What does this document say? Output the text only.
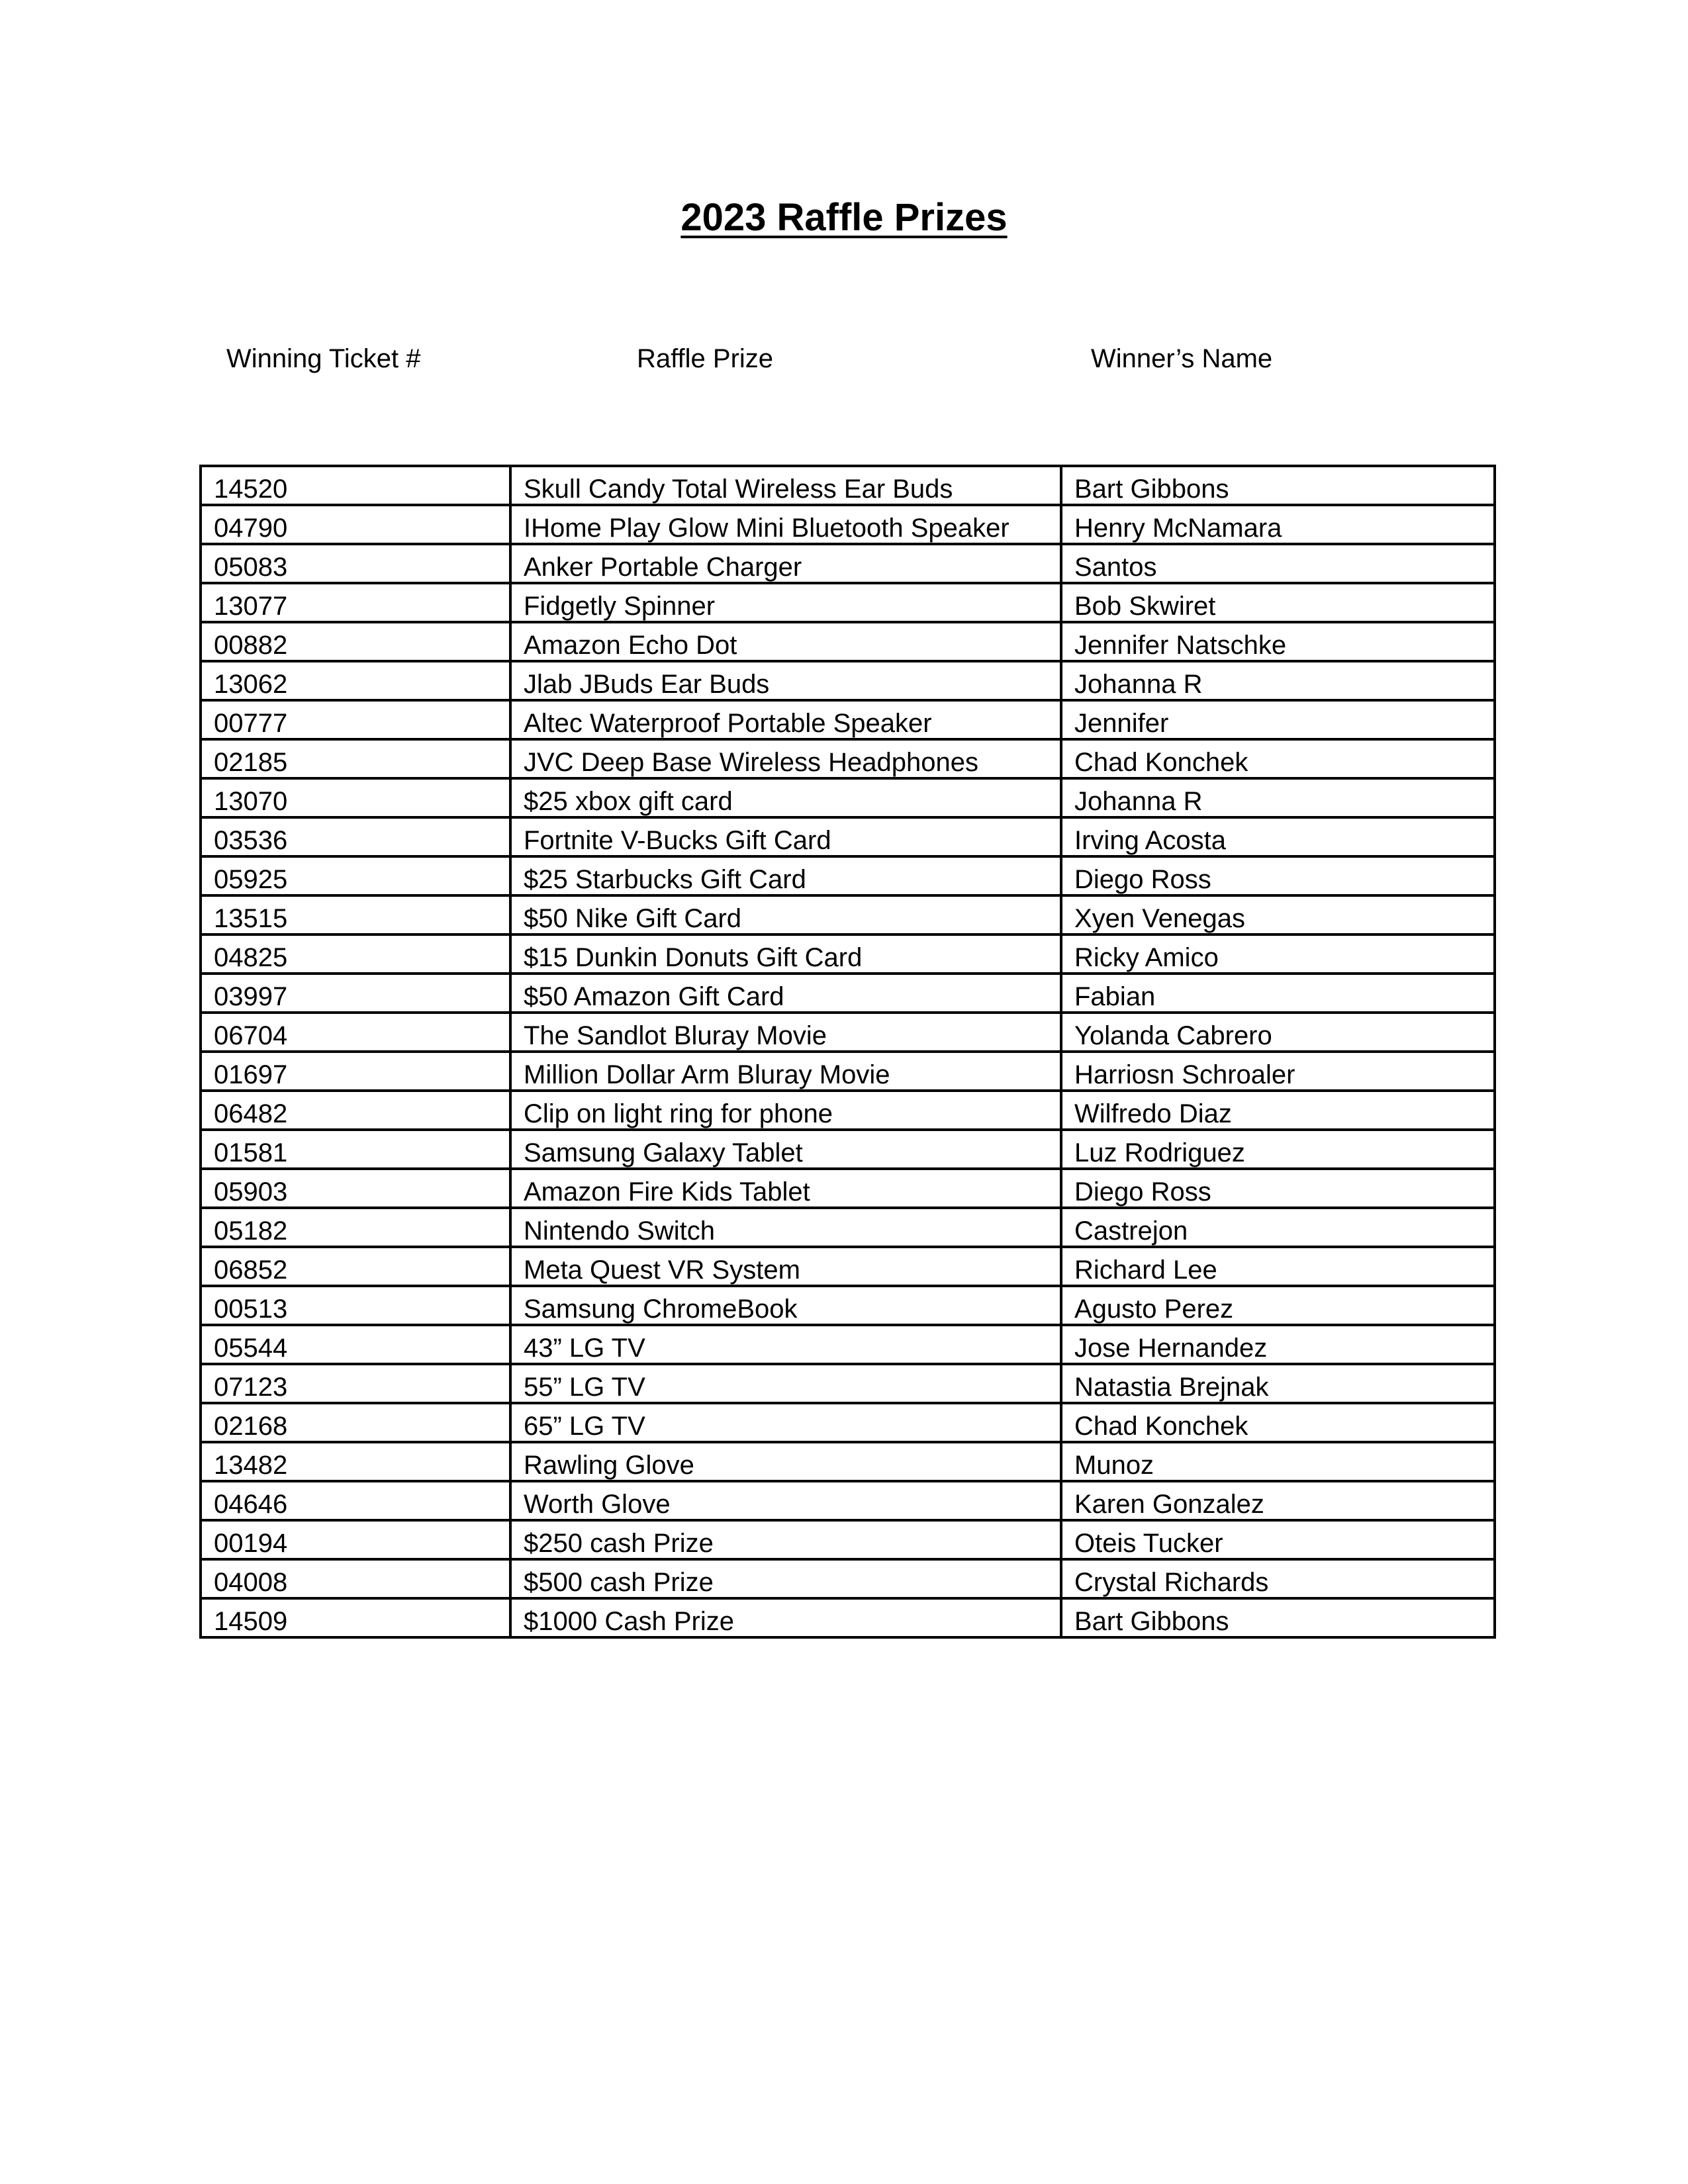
2023 Raffle Prizes
Winning Ticket #	Raffle Prize	Winner’s Name
14520	Skull Candy Total Wireless Ear Buds	Bart Gibbons
04790	IHome Play Glow Mini Bluetooth Speaker	Henry McNamara
05083	Anker Portable Charger	Santos
13077	Fidgetly Spinner	Bob Skwiret
00882	Amazon Echo Dot	Jennifer Natschke
13062	Jlab JBuds Ear Buds	Johanna R
00777	Altec Waterproof Portable Speaker	Jennifer
02185	JVC Deep Base Wireless Headphones	Chad Konchek
13070	$25 xbox gift card	Johanna R
03536	Fortnite V-Bucks Gift Card	Irving Acosta
05925	$25 Starbucks Gift Card	Diego Ross
13515	$50 Nike Gift Card	Xyen Venegas
04825	$15 Dunkin Donuts Gift Card	Ricky Amico
03997	$50 Amazon Gift Card	Fabian
06704	The Sandlot Bluray Movie	Yolanda Cabrero
01697	Million Dollar Arm Bluray Movie	Harriosn Schroaler
06482	Clip on light ring for phone	Wilfredo Diaz
01581	Samsung Galaxy Tablet	Luz Rodriguez
05903	Amazon Fire Kids Tablet	Diego Ross
05182	Nintendo Switch	Castrejon
06852	Meta Quest VR System	Richard Lee
00513	Samsung ChromeBook	Agusto Perez
05544	43” LG TV	Jose Hernandez
07123	55” LG TV	Natastia Brejnak
02168	65” LG TV	Chad Konchek
13482	Rawling Glove	Munoz
04646	Worth Glove	Karen Gonzalez
00194	$250 cash Prize	Oteis Tucker
04008	$500 cash Prize	Crystal Richards
14509	$1000 Cash Prize	Bart Gibbons
